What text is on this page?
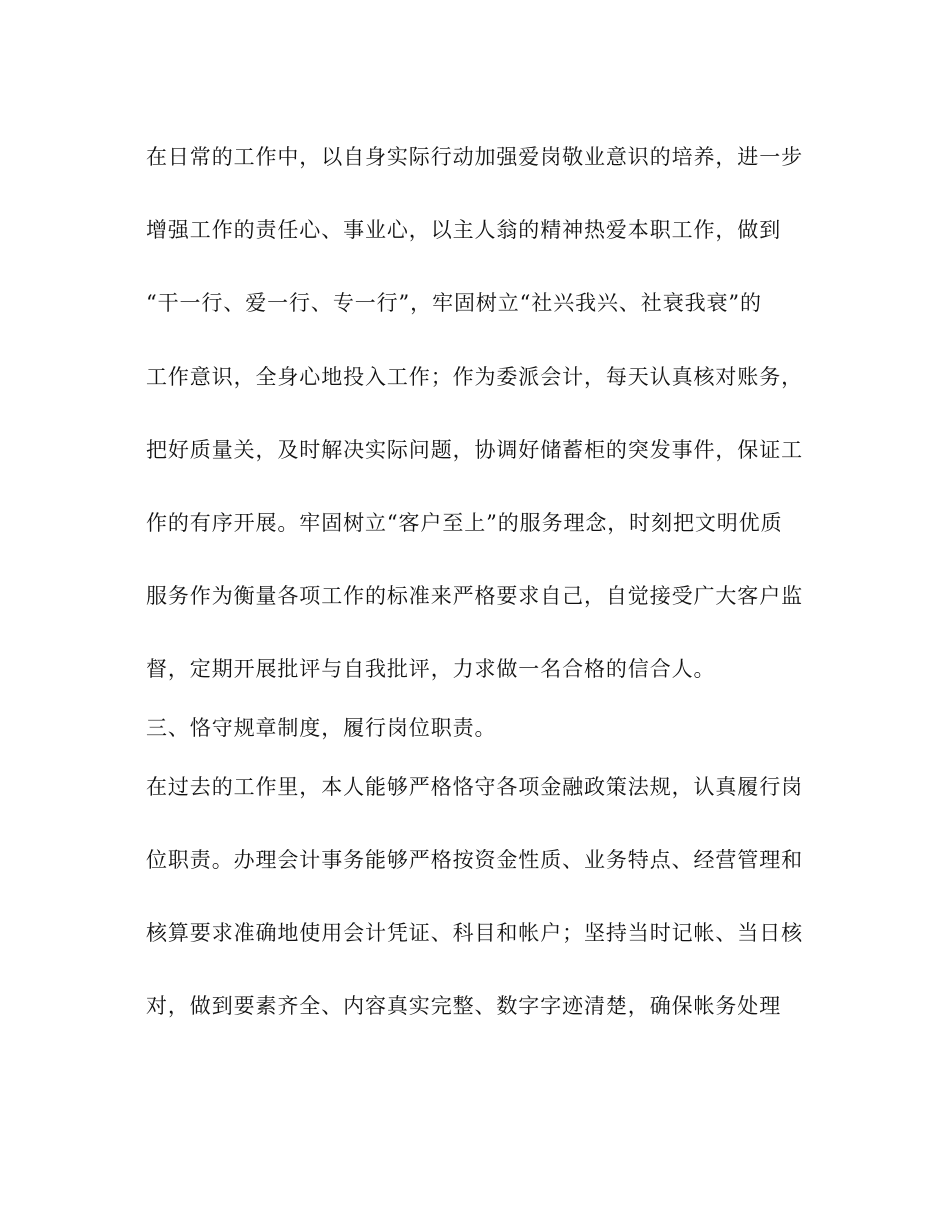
在日常的工作中，以自身实际行动加强爱岗敬业意识的培养，进一步
增强工作的责任心、事业心，以主人翁的精神热爱本职工作，做到
“干一行、爱一行、专一行”，牢固树立“社兴我兴、社衰我衰”的
工作意识，全身心地投入工作；作为委派会计，每天认真核对账务，
把好质量关，及时解决实际问题，协调好储蓄柜的突发事件，保证工
作的有序开展。牢固树立“客户至上”的服务理念，时刻把文明优质
服务作为衡量各项工作的标准来严格要求自己，自觉接受广大客户监
督，定期开展批评与自我批评，力求做一名合格的信合人。
三、恪守规章制度，履行岗位职责。
在过去的工作里，本人能够严格恪守各项金融政策法规，认真履行岗
位职责。办理会计事务能够严格按资金性质、业务特点、经营管理和
核算要求准确地使用会计凭证、科目和帐户；坚持当时记帐、当日核
对，做到要素齐全、内容真实完整、数字字迹清楚，确保帐务处理
